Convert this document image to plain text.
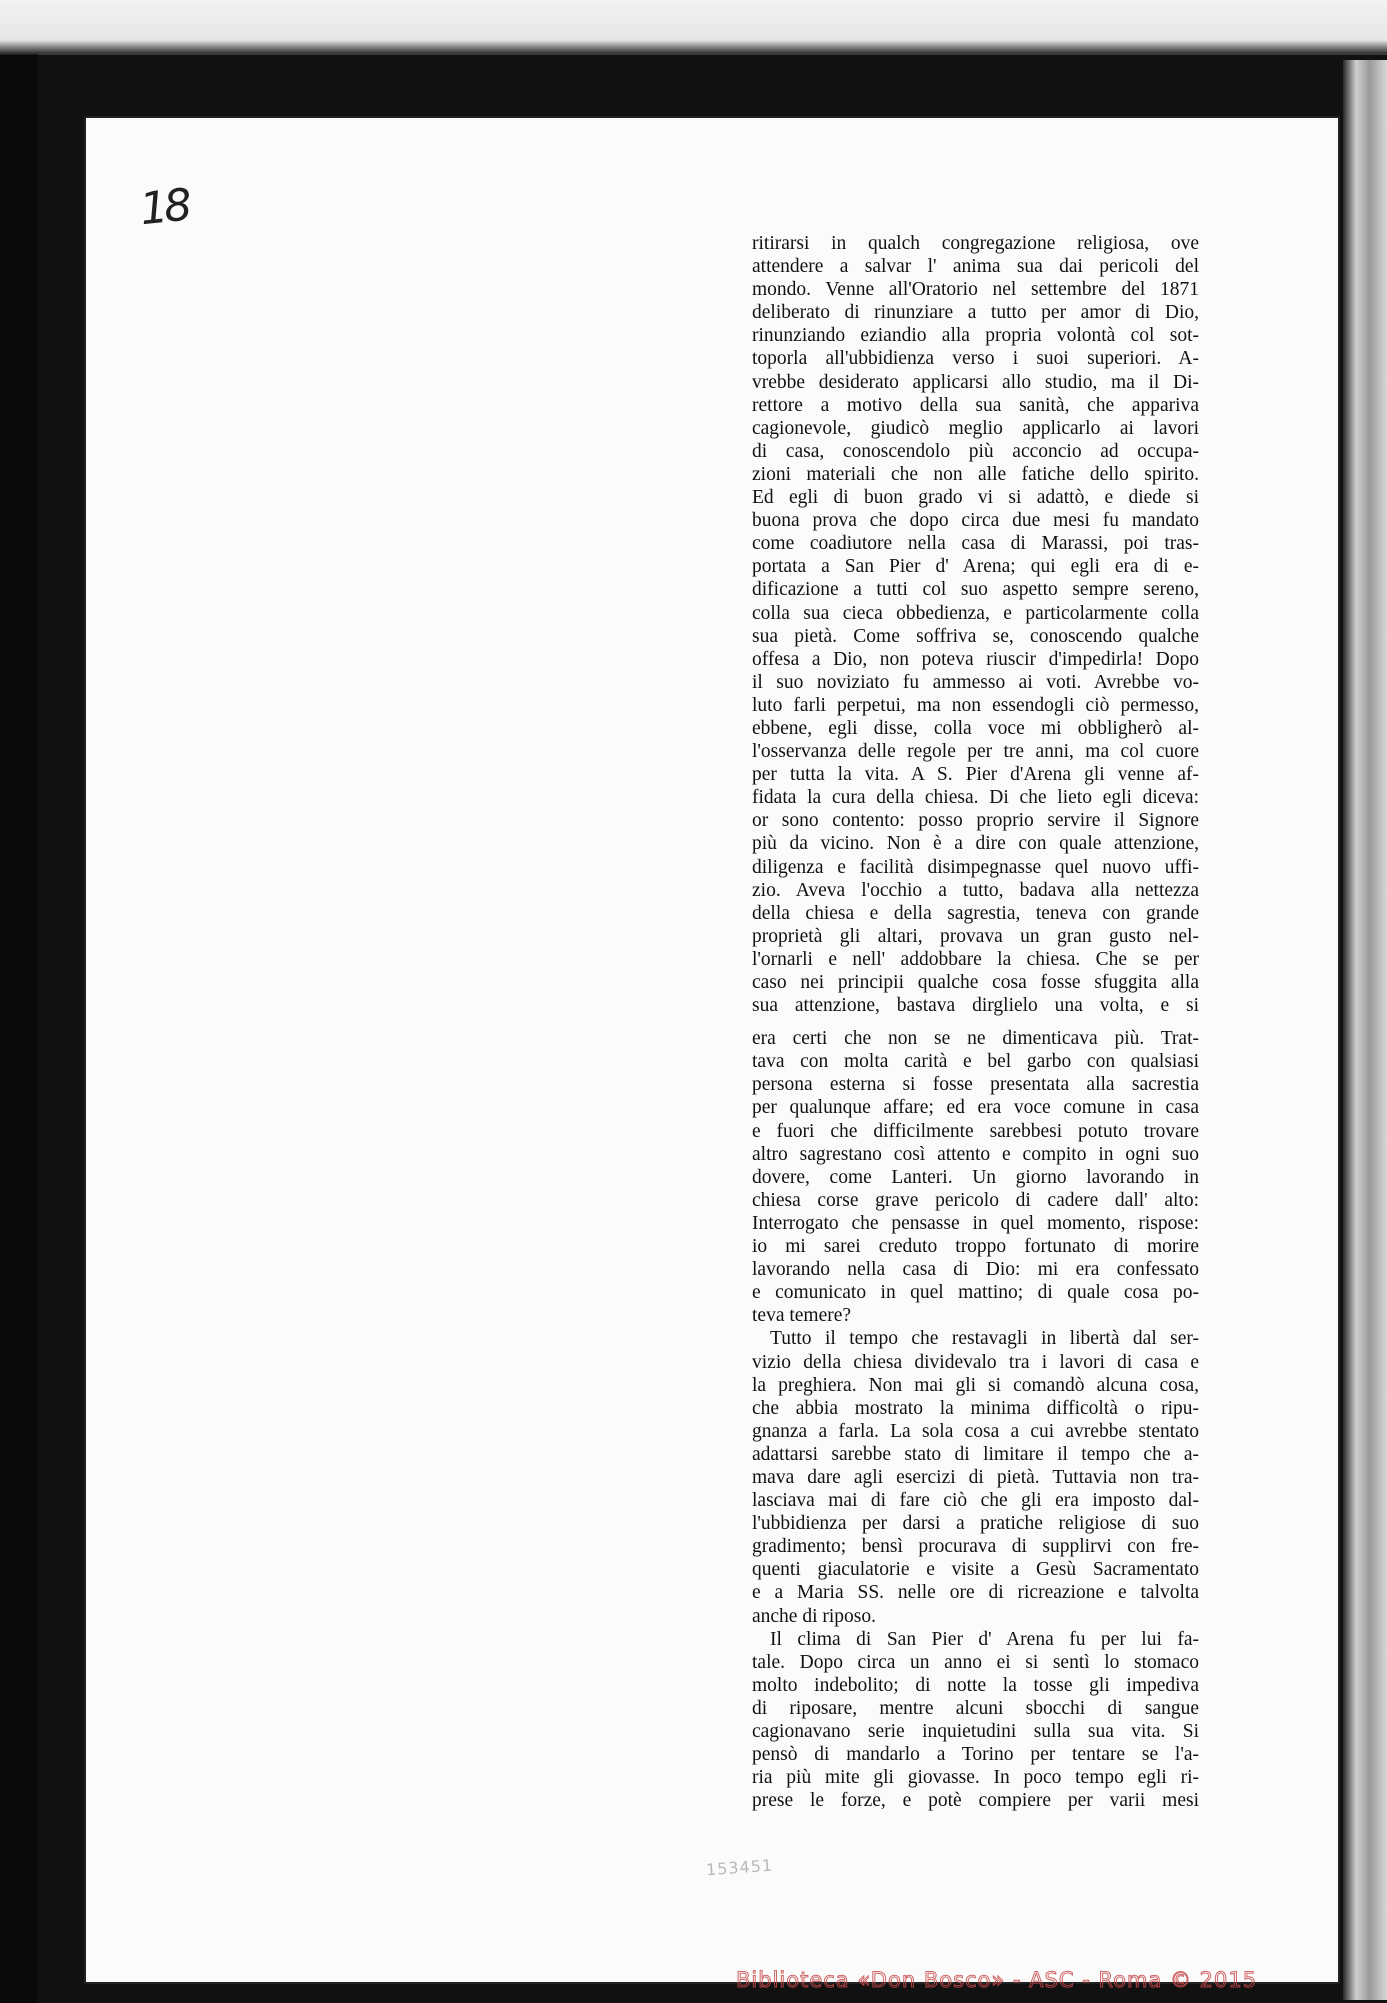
18
ritirarsi in qualch congregazione religiosa, ove
attendere a salvar l' anima sua dai pericoli del
mondo. Venne all'Oratorio nel settembre del 1871
deliberato di rinunziare a tutto per amor di Dio,
rinunziando eziandio alla propria volontà col sot-
toporla all'ubbidienza verso i suoi superiori. A-
vrebbe desiderato applicarsi allo studio, ma il Di-
rettore a motivo della sua sanità, che appariva
cagionevole, giudicò meglio applicarlo ai lavori
di casa, conoscendolo più acconcio ad occupa-
zioni materiali che non alle fatiche dello spirito.
Ed egli di buon grado vi si adattò, e diede si
buona prova che dopo circa due mesi fu mandato
come coadiutore nella casa di Marassi, poi tras-
portata a San Pier d' Arena; qui egli era di e-
dificazione a tutti col suo aspetto sempre sereno,
colla sua cieca obbedienza, e particolarmente colla
sua pietà. Come soffriva se, conoscendo qualche
offesa a Dio, non poteva riuscir d'impedirla! Dopo
il suo noviziato fu ammesso ai voti. Avrebbe vo-
luto farli perpetui, ma non essendogli ciò permesso,
ebbene, egli disse, colla voce mi obbligherò al-
l'osservanza delle regole per tre anni, ma col cuore
per tutta la vita. A S. Pier d'Arena gli venne af-
fidata la cura della chiesa. Di che lieto egli diceva:
or sono contento: posso proprio servire il Signore
più da vicino. Non è a dire con quale attenzione,
diligenza e facilità disimpegnasse quel nuovo uffi-
zio. Aveva l'occhio a tutto, badava alla nettezza
della chiesa e della sagrestia, teneva con grande
proprietà gli altari, provava un gran gusto nel-
l'ornarli e nell' addobbare la chiesa. Che se per
caso nei principii qualche cosa fosse sfuggita alla
sua attenzione, bastava dirglielo una volta, e si
era certi che non se ne dimenticava più. Trat-
tava con molta carità e bel garbo con qualsiasi
persona esterna si fosse presentata alla sacrestia
per qualunque affare; ed era voce comune in casa
e fuori che difficilmente sarebbesi potuto trovare
altro sagrestano così attento e compito in ogni suo
dovere, come Lanteri. Un giorno lavorando in
chiesa corse grave pericolo di cadere dall' alto:
Interrogato che pensasse in quel momento, rispose:
io mi sarei creduto troppo fortunato di morire
lavorando nella casa di Dio: mi era confessato
e comunicato in quel mattino; di quale cosa po-
teva temere?
Tutto il tempo che restavagli in libertà dal ser-
vizio della chiesa dividevalo tra i lavori di casa e
la preghiera. Non mai gli si comandò alcuna cosa,
che abbia mostrato la minima difficoltà o ripu-
gnanza a farla. La sola cosa a cui avrebbe stentato
adattarsi sarebbe stato di limitare il tempo che a-
mava dare agli esercizi di pietà. Tuttavia non tra-
lasciava mai di fare ciò che gli era imposto dal-
l'ubbidienza per darsi a pratiche religiose di suo
gradimento; bensì procurava di supplirvi con fre-
quenti giaculatorie e visite a Gesù Sacramentato
e a Maria SS. nelle ore di ricreazione e talvolta
anche di riposo.
Il clima di San Pier d' Arena fu per lui fa-
tale. Dopo circa un anno ei si sentì lo stomaco
molto indebolito; di notte la tosse gli impediva
di riposare, mentre alcuni sbocchi di sangue
cagionavano serie inquietudini sulla sua vita. Si
pensò di mandarlo a Torino per tentare se l'a-
ria più mite gli giovasse. In poco tempo egli ri-
prese le forze, e potè compiere per varii mesi
153451
Biblioteca «Don Bosco» - ASC - Roma © 2015
